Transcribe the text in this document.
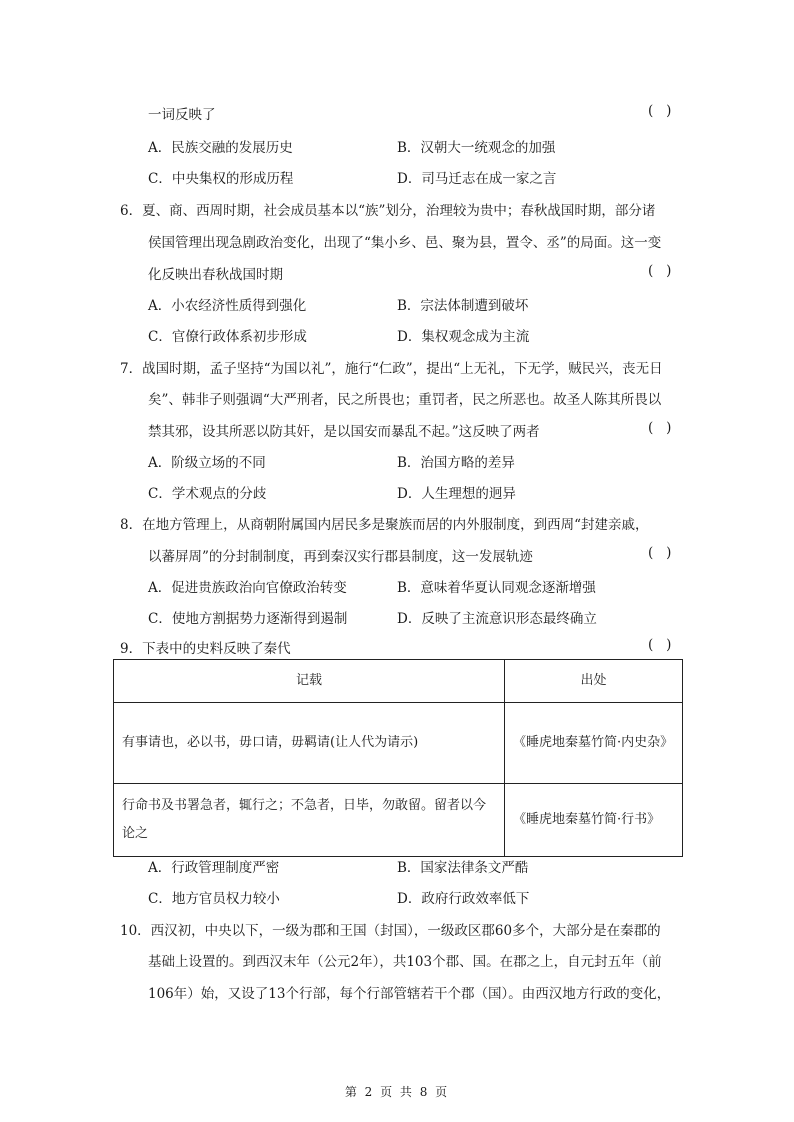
一词反映了	(   )
A．民族交融的发展历史	B．汉朝大一统观念的加强
C．中央集权的形成历程	D．司马迁志在成一家之言
6．夏、商、西周时期，社会成员基本以“族”划分，治理较为贵中；春秋战国时期，部分诸
侯国管理出现急剧政治变化，出现了“集小乡、邑、聚为县，置令、丞”的局面。这一变
化反映出春秋战国时期	(   )
A．小农经济性质得到强化	B．宗法体制遭到破坏
C．官僚行政体系初步形成	D．集权观念成为主流
7．战国时期，孟子坚持“为国以礼”，施行“仁政”，提出“上无礼，下无学，贼民兴，丧无日
矣”、韩非子则强调“大严刑者，民之所畏也；重罚者，民之所恶也。故圣人陈其所畏以
禁其邪，设其所恶以防其奸，是以国安而暴乱不起。”这反映了两者	(   )
A．阶级立场的不同	B．治国方略的差异
C．学术观点的分歧	D．人生理想的迥异
8．在地方管理上，从商朝附属国内居民多是聚族而居的内外服制度，到西周“封建亲戚，
以蕃屏周”的分封制制度，再到秦汉实行郡县制度，这一发展轨迹	(   )
A．促进贵族政治向官僚政治转变	B．意味着华夏认同观念逐渐增强
C．使地方割据势力逐渐得到遏制	D．反映了主流意识形态最终确立
9．下表中的史料反映了秦代	(   )
记载	出处
有事请也，必以书，毋口请，毋羁请(让人代为请示)	《睡虎地秦墓竹简·内史杂》
行命书及书署急者，辄行之；不急者，日毕，勿敢留。留者以今论之	《睡虎地秦墓竹简·行书》
A．行政管理制度严密	B．国家法律条文严酷
C．地方官员权力较小	D．政府行政效率低下
10．西汉初，中央以下，一级为郡和王国（封国），一级政区郡60多个，大部分是在秦郡的
基础上设置的。到西汉末年（公元2年），共103个郡、国。在郡之上，自元封五年（前
106年）始，又设了13个行部，每个行部管辖若干个郡（国）。由西汉地方行政的变化，
第 2 页 共 8 页
